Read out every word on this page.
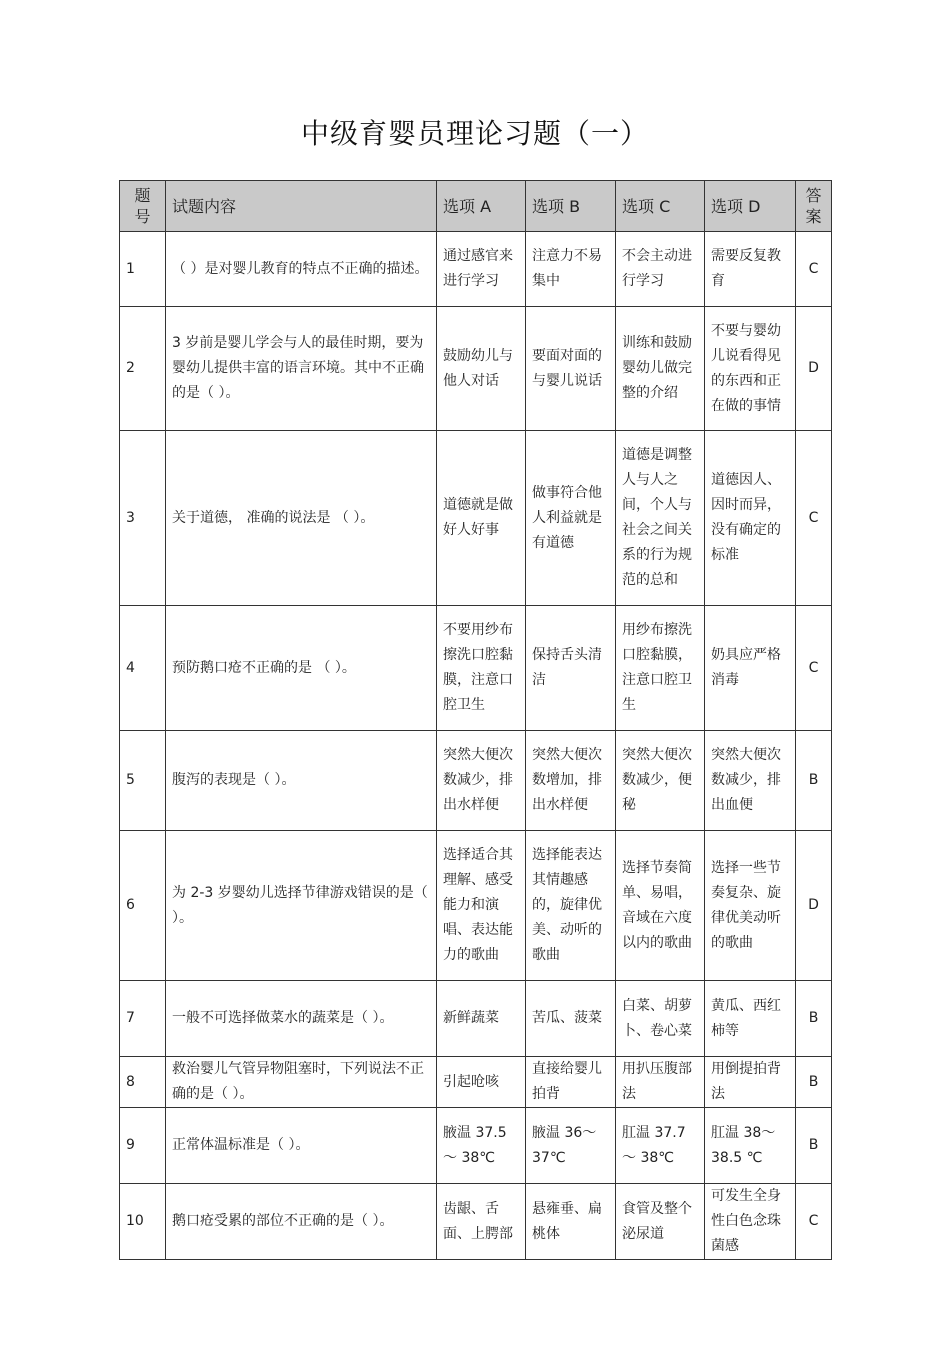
中级育婴员理论习题（一）
题号	试题内容	选项 A	选项 B	选项 C	选项 D	答案
1	（ ）是对婴儿教育的特点不正确的描述。	通过感官来进行学习	注意力不易集中	不会主动进行学习	需要反复教育	C
2	3 岁前是婴儿学会与人的最佳时期，要为婴幼儿提供丰富的语言环境。其中不正确的是（ ）。	鼓励幼儿与他人对话	要面对面的与婴儿说话	训练和鼓励婴幼儿做完整的介绍	不要与婴幼儿说看得见的东西和正在做的事情	D
3	关于道德， 准确的说法是 （ ）。	道德就是做好人好事	做事符合他人利益就是有道德	道德是调整人与人之间，个人与社会之间关系的行为规范的总和	道德因人、因时而异，没有确定的标准	C
4	预防鹅口疮不正确的是 （ ）。	不要用纱布擦洗口腔黏膜，注意口腔卫生	保持舌头清洁	用纱布擦洗口腔黏膜，注意口腔卫生	奶具应严格消毒	C
5	腹泻的表现是（ ）。	突然大便次数减少，排出水样便	突然大便次数增加，排出水样便	突然大便次数减少，便秘	突然大便次数减少，排出血便	B
6	为 2-3 岁婴幼儿选择节律游戏错误的是（ ）。	选择适合其理解、感受能力和演唱、表达能力的歌曲	选择能表达其情趣感的，旋律优美、动听的歌曲	选择节奏简单、易唱，音域在六度以内的歌曲	选择一些节奏复杂、旋律优美动听的歌曲	D
7	一般不可选择做菜水的蔬菜是（ ）。	新鲜蔬菜	苦瓜、菠菜	白菜、胡萝卜、卷心菜	黄瓜、西红柿等	B
8	救治婴儿气管异物阻塞时，下列说法不正确的是（ ）。	引起呛咳	直接给婴儿拍背	用扒压腹部法	用倒提拍背法	B
9	正常体温标准是（ ）。	腋温 37.5 ～ 38℃	腋温 36～37℃	肛温 37.7 ～ 38℃	肛温 38～38.5 ℃	B
10	鹅口疮受累的部位不正确的是（ ）。	齿龈、舌面、上腭部	悬雍垂、扁桃体	食管及整个泌尿道	可发生全身性白色念珠菌感	C
